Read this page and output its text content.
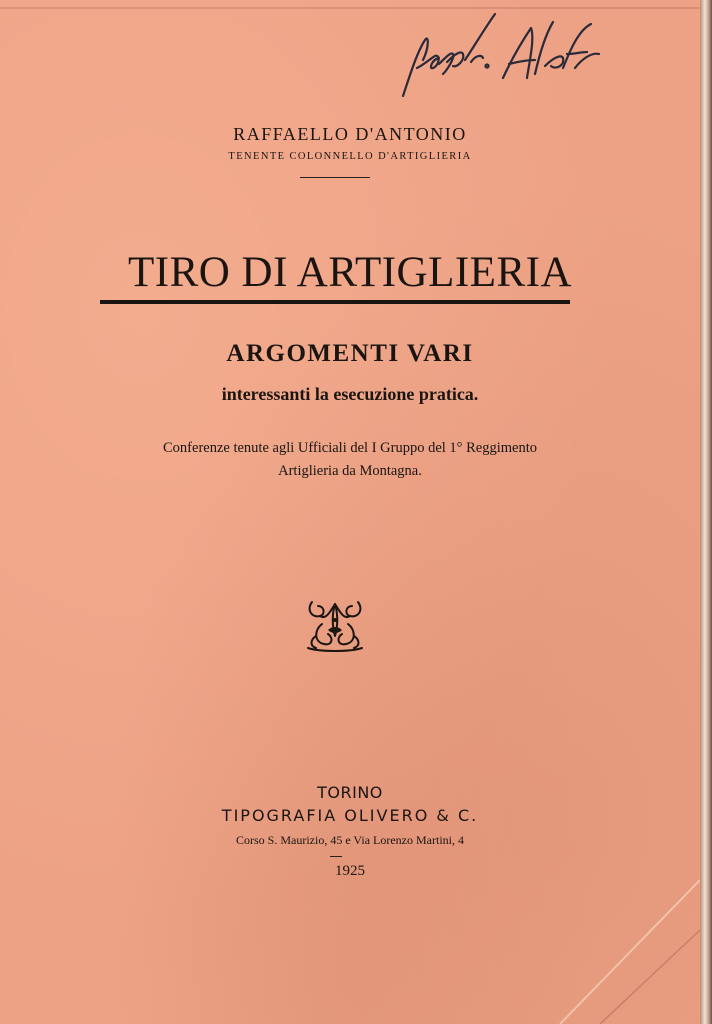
RAFFAELLO D'ANTONIO
TENENTE COLONNELLO D'ARTIGLIERIA
TIRO DI ARTIGLIERIA
ARGOMENTI VARI
interessanti la esecuzione pratica.
Conferenze tenute agli Ufficiali del I Gruppo del 1° Reggimento
Artiglieria da Montagna.
TORINO
TIPOGRAFIA OLIVERO & C.
Corso S. Maurizio, 45 e Via Lorenzo Martini, 4
1925
